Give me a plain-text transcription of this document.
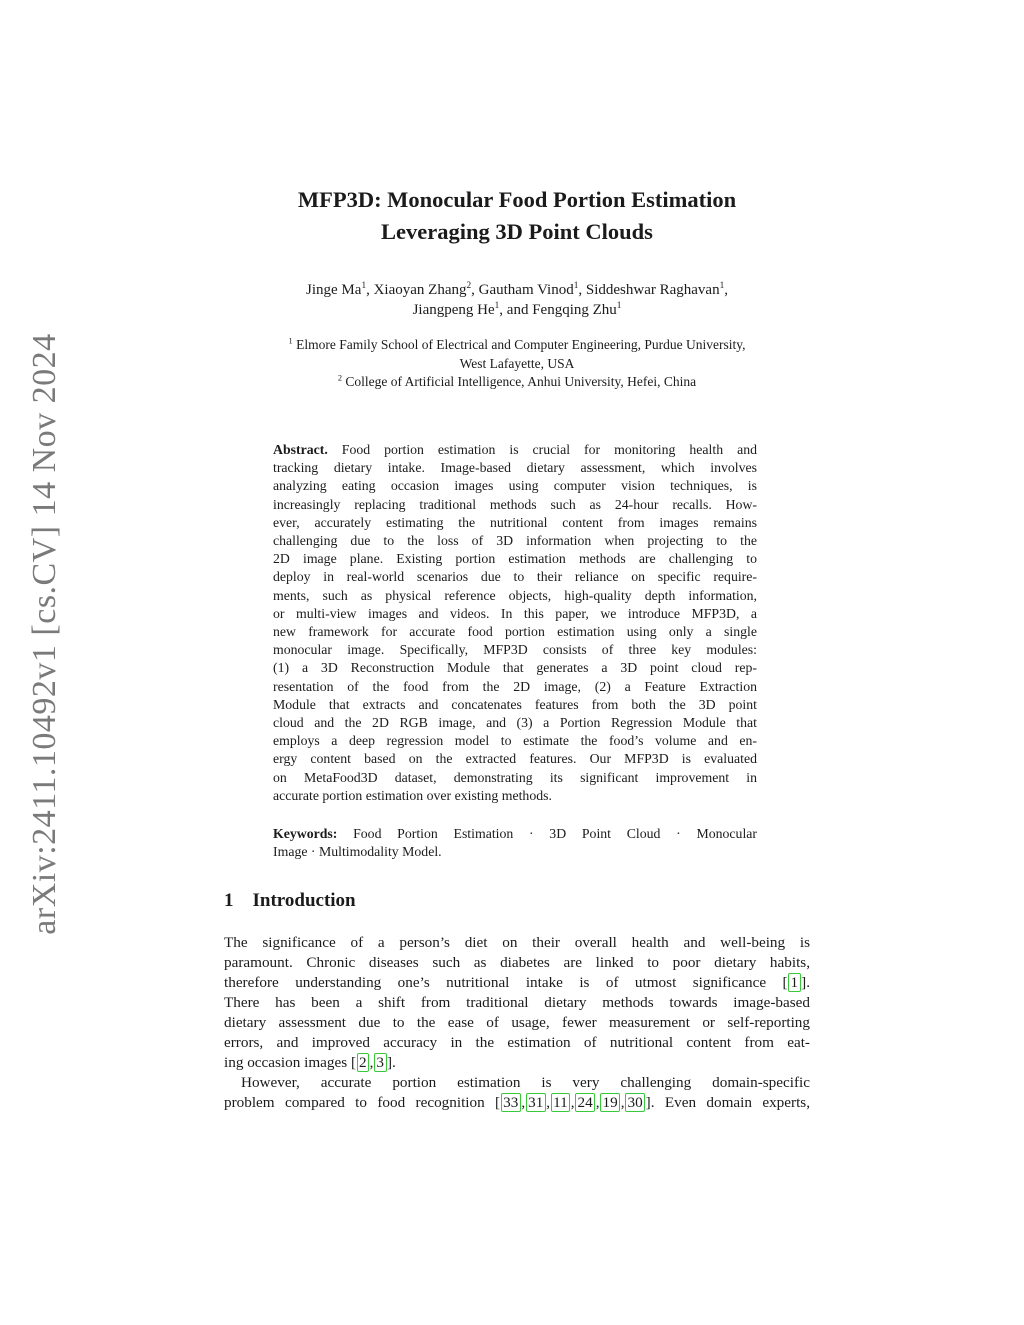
arXiv:2411.10492v1 [cs.CV] 14 Nov 2024
MFP3D: Monocular Food Portion Estimation
Leveraging 3D Point Clouds
Jinge Ma$^1$, Xiaoyan Zhang$^2$, Gautham Vinod$^1$, Siddeshwar Raghavan$^1$,
Jiangpeng He$^1$, and Fengqing Zhu$^1$
$^1$ Elmore Family School of Electrical and Computer Engineering, Purdue University,
West Lafayette, USA
$^2$ College of Artificial Intelligence, Anhui University, Hefei, China
Abstract. Food portion estimation is crucial for monitoring health and
tracking dietary intake. Image-based dietary assessment, which involves
analyzing eating occasion images using computer vision techniques, is
increasingly replacing traditional methods such as 24-hour recalls. How-
ever, accurately estimating the nutritional content from images remains
challenging due to the loss of 3D information when projecting to the
2D image plane. Existing portion estimation methods are challenging to
deploy in real-world scenarios due to their reliance on specific require-
ments, such as physical reference objects, high-quality depth information,
or multi-view images and videos. In this paper, we introduce MFP3D, a
new framework for accurate food portion estimation using only a single
monocular image. Specifically, MFP3D consists of three key modules:
(1) a 3D Reconstruction Module that generates a 3D point cloud rep-
resentation of the food from the 2D image, (2) a Feature Extraction
Module that extracts and concatenates features from both the 3D point
cloud and the 2D RGB image, and (3) a Portion Regression Module that
employs a deep regression model to estimate the food’s volume and en-
ergy content based on the extracted features. Our MFP3D is evaluated
on MetaFood3D dataset, demonstrating its significant improvement in
accurate portion estimation over existing methods.
Keywords: Food Portion Estimation · 3D Point Cloud · Monocular
Image · Multimodality Model.
1 Introduction
The significance of a person’s diet on their overall health and well-being is
paramount. Chronic diseases such as diabetes are linked to poor dietary habits,
therefore understanding one’s nutritional intake is of utmost significance [ 1 ].
There has been a shift from traditional dietary methods towards image-based
dietary assessment due to the ease of usage, fewer measurement or self-reporting
errors, and improved accuracy in the estimation of nutritional content from eat-
ing occasion images [ 2 , 3 ].
However, accurate portion estimation is very challenging domain-specific
problem compared to food recognition [ 33 , 31 , 11 , 24 , 19 , 30 ]. Even domain experts,
